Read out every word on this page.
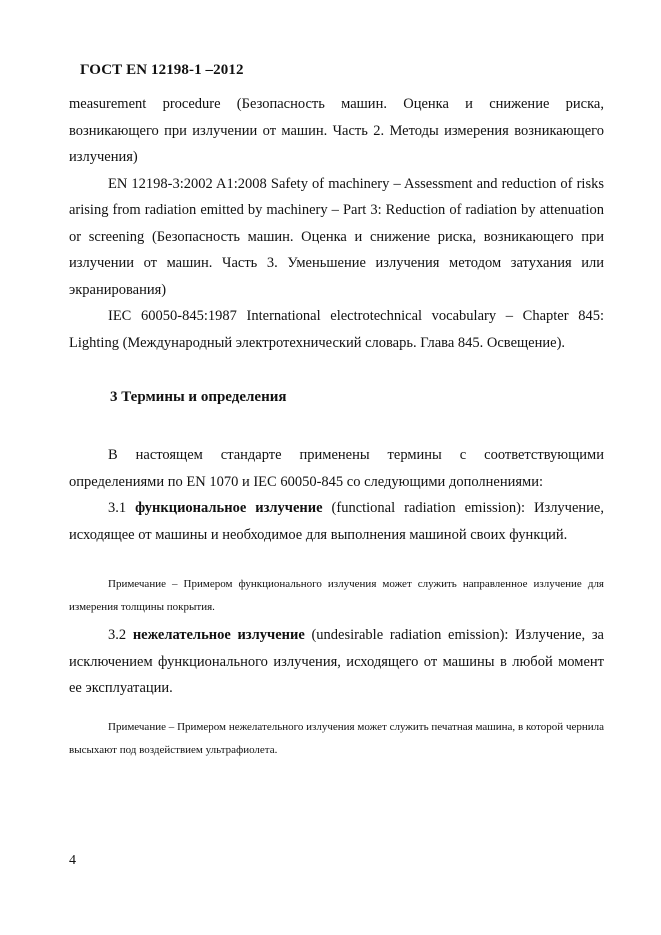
ГОСТ EN 12198-1 –2012

measurement procedure (Безопасность машин. Оценка и снижение риска, возникающего при излучении от машин. Часть 2. Методы измерения возникающего излучения)

EN 12198-3:2002 A1:2008 Safety of machinery – Assessment and reduction of risks arising from radiation emitted by machinery – Part 3: Reduction of radiation by attenuation or screening (Безопасность машин. Оценка и снижение риска, возникающего при излучении от машин. Часть 3. Уменьшение излучения методом затухания или экранирования)

IEC 60050-845:1987 International electrotechnical vocabulary – Chapter 845: Lighting (Международный электротехнический словарь. Глава 845. Освещение).

3 Термины и определения

В настоящем стандарте применены термины с соответствующими определениями по EN 1070 и IEC 60050-845 со следующими дополнениями:

3.1 функциональное излучение (functional radiation emission): Излучение, исходящее от машины и необходимое для выполнения машиной своих функций.

Примечание – Примером функционального излучения может служить направленное излучение для измерения толщины покрытия.

3.2 нежелательное излучение (undesirable radiation emission): Излучение, за исключением функционального излучения, исходящего от машины в любой момент ее эксплуатации.

Примечание – Примером нежелательного излучения может служить печатная машина, в которой чернила высыхают под воздействием ультрафиолета.

4
